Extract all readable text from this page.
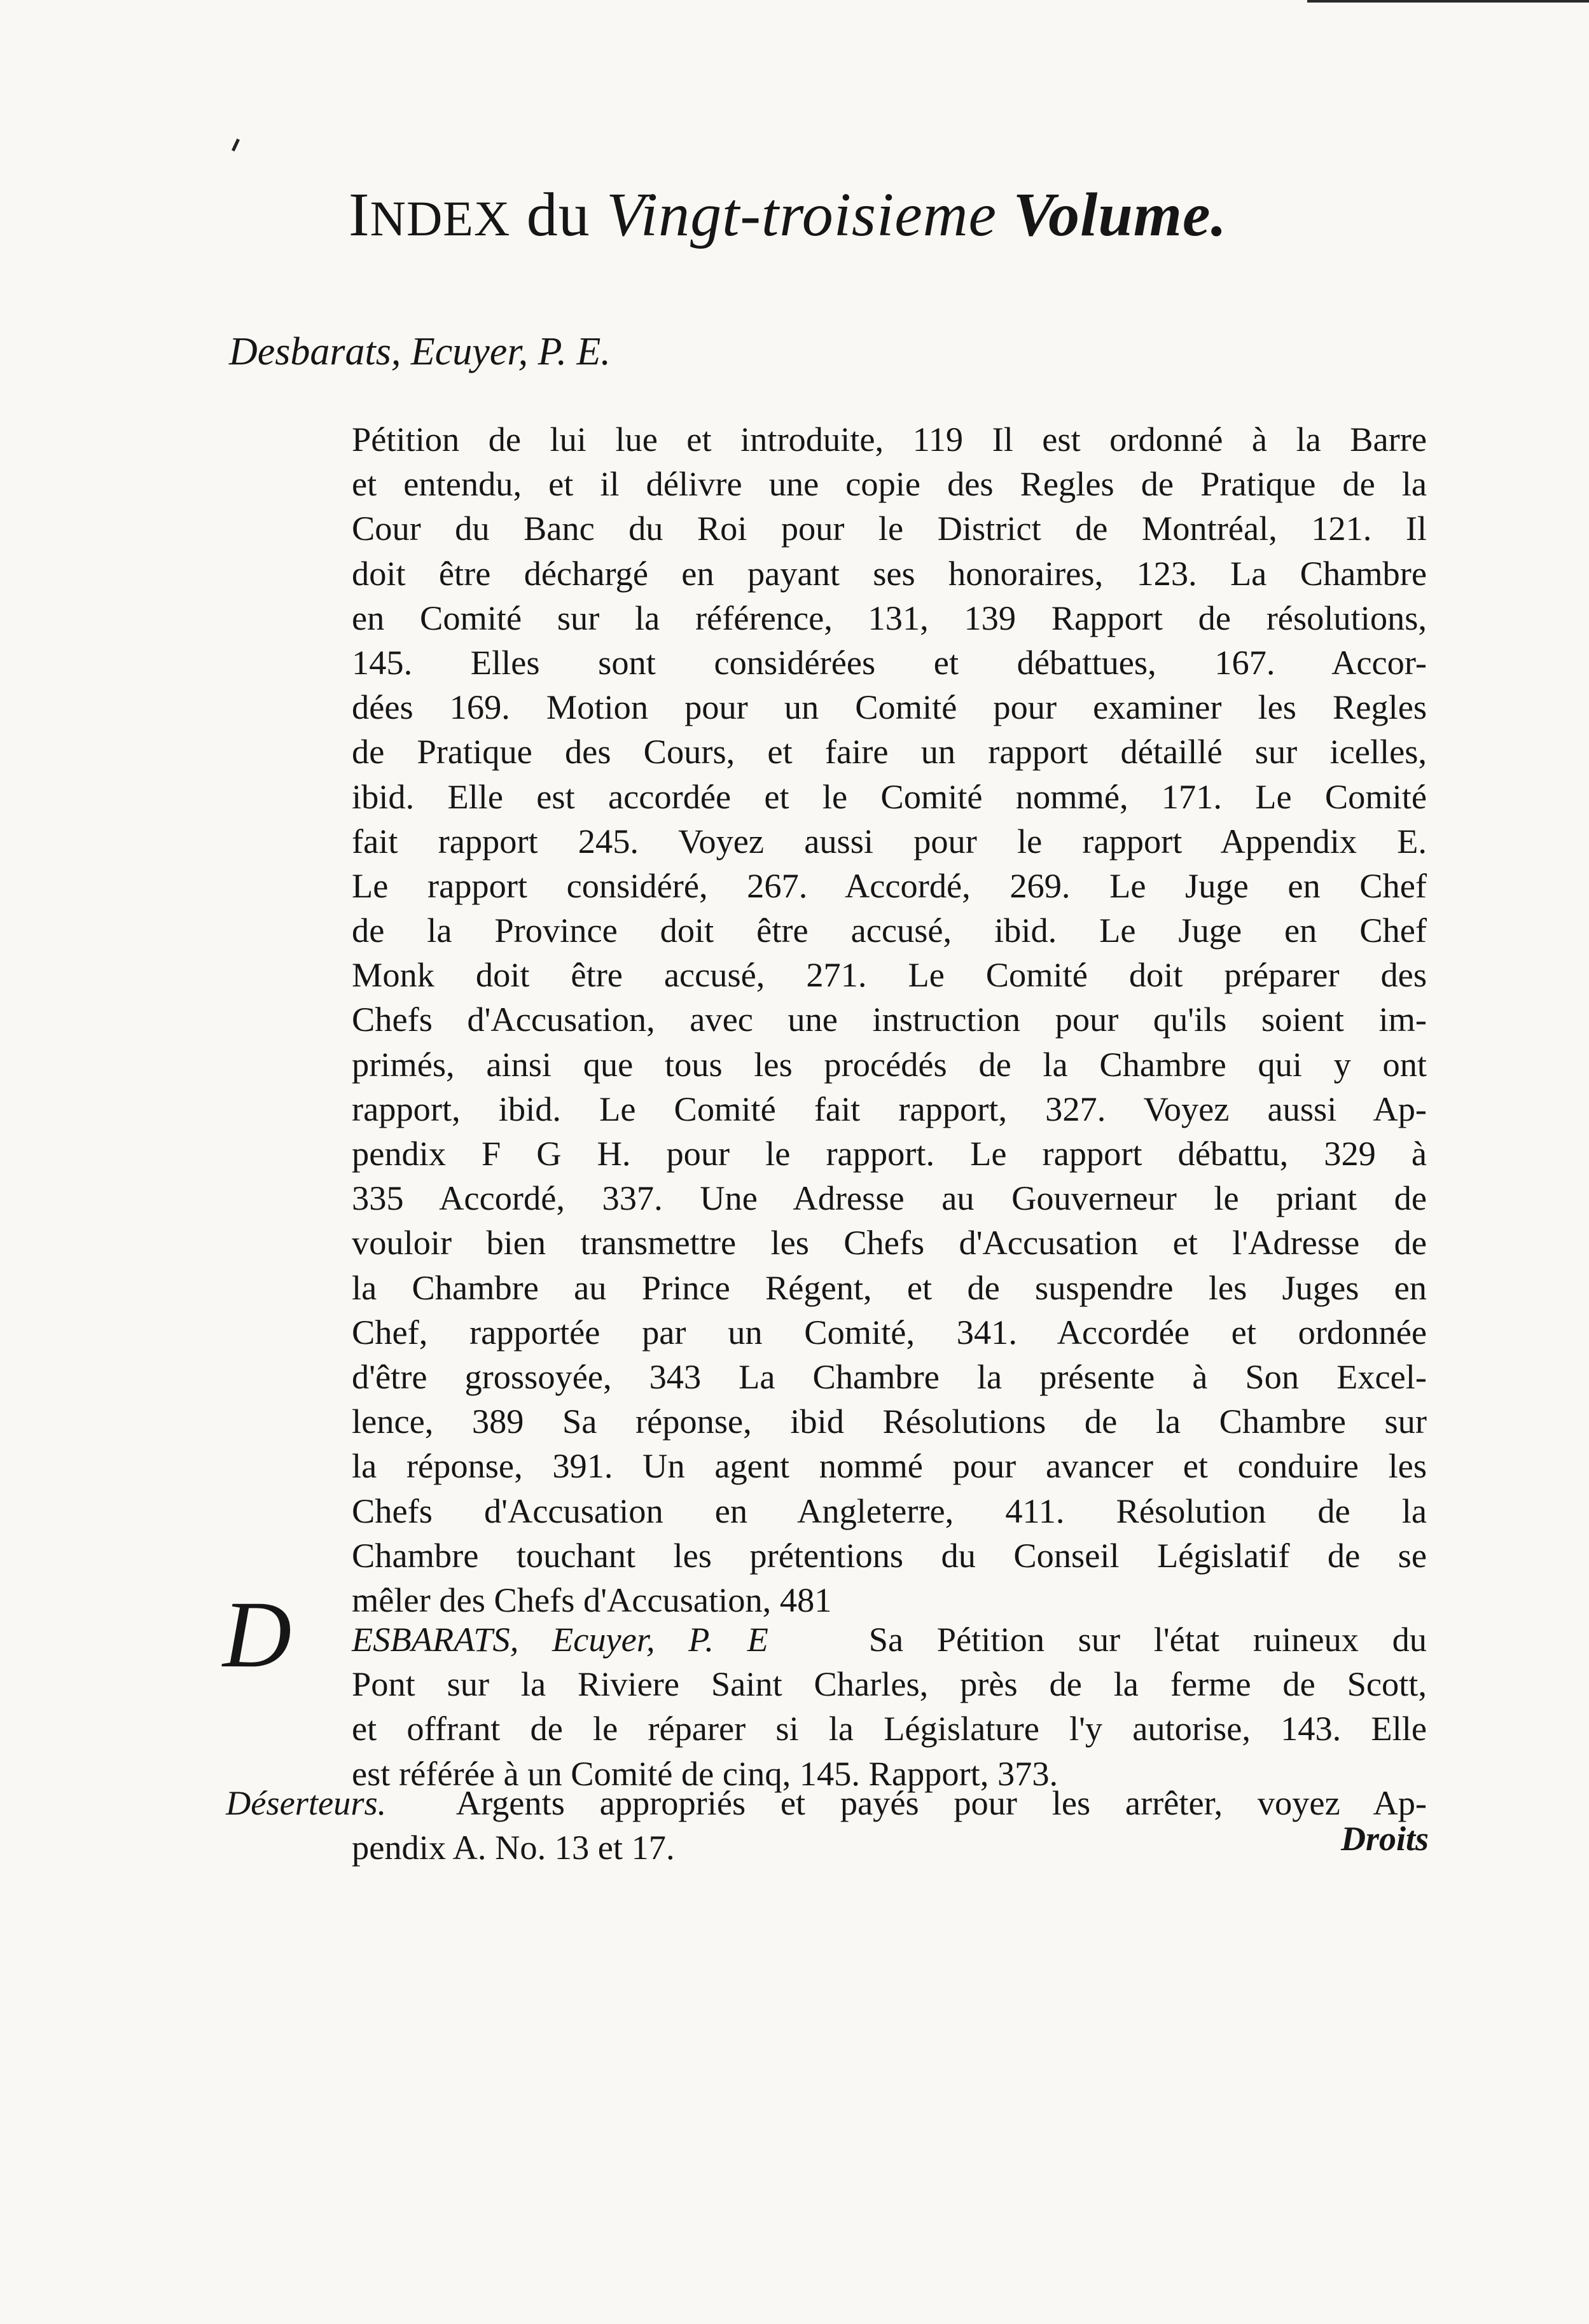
INDEX du Vingt-troisieme Volume.
Desbarats, Ecuyer, P. E.
Pétition de lui lue et introduite, 119 Il est ordonné à la Barre
et entendu, et il délivre une copie des Regles de Pratique de la
Cour du Banc du Roi pour le District de Montréal, 121. Il
doit être déchargé en payant ses honoraires, 123. La Chambre
en Comité sur la référence, 131, 139 Rapport de résolutions,
145. Elles sont considérées et débattues, 167. Accor-
dées 169. Motion pour un Comité pour examiner les Regles
de Pratique des Cours, et faire un rapport détaillé sur icelles,
ibid. Elle est accordée et le Comité nommé, 171. Le Comité
fait rapport 245. Voyez aussi pour le rapport Appendix E.
Le rapport considéré, 267. Accordé, 269. Le Juge en Chef
de la Province doit être accusé, ibid. Le Juge en Chef
Monk doit être accusé, 271. Le Comité doit préparer des
Chefs d'Accusation, avec une instruction pour qu'ils soient im-
primés, ainsi que tous les procédés de la Chambre qui y ont
rapport, ibid. Le Comité fait rapport, 327. Voyez aussi Ap-
pendix F G H. pour le rapport. Le rapport débattu, 329 à
335 Accordé, 337. Une Adresse au Gouverneur le priant de
vouloir bien transmettre les Chefs d'Accusation et l'Adresse de
la Chambre au Prince Régent, et de suspendre les Juges en
Chef, rapportée par un Comité, 341. Accordée et ordonnée
d'être grossoyée, 343 La Chambre la présente à Son Excel-
lence, 389 Sa réponse, ibid Résolutions de la Chambre sur
la réponse, 391. Un agent nommé pour avancer et conduire les
Chefs d'Accusation en Angleterre, 411. Résolution de la
Chambre touchant les prétentions du Conseil Législatif de se
mêler des Chefs d'Accusation, 481
D ESBARATS, Ecuyer, P. E	Sa Pétition sur l'état ruineux du
Pont sur la Riviere Saint Charles, près de la ferme de Scott,
et offrant de le réparer si la Législature l'y autorise, 143. Elle
est référée à un Comité de cinq, 145. Rapport, 373.
Déserteurs. Argents appropriés et payés pour les arrêter, voyez Ap-
pendix A. No. 13 et 17.	Droits
